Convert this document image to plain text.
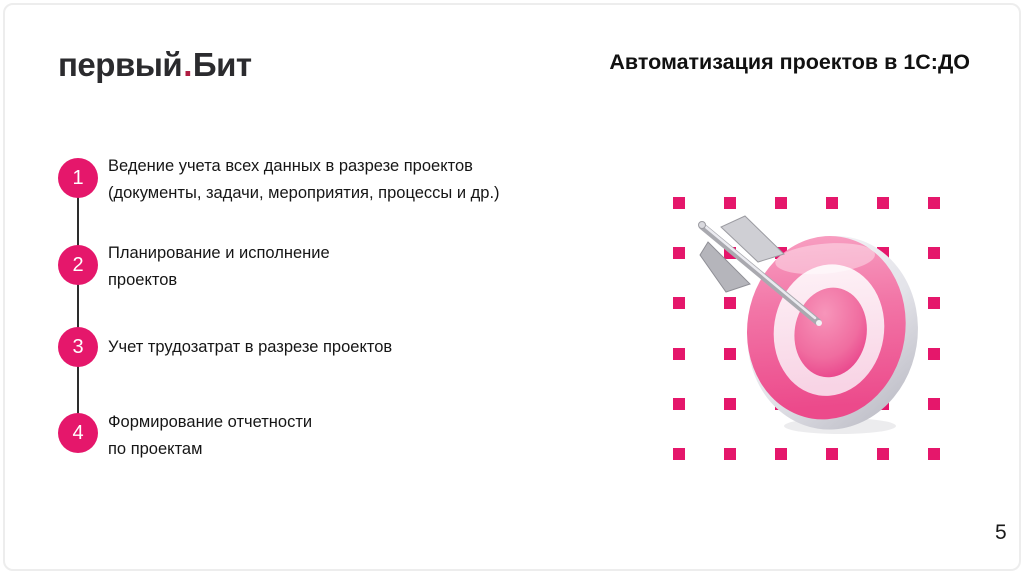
первый.Бит	Автоматизация проектов в 1С:ДО
1
Ведение учета всех данных в разрезе проектов
(документы, задачи, мероприятия, процессы и др.)
2
Планирование и исполнение
проектов
3	Учет трудозатрат в разрезе проектов
4	Формирование отчетности
по проектам
5
